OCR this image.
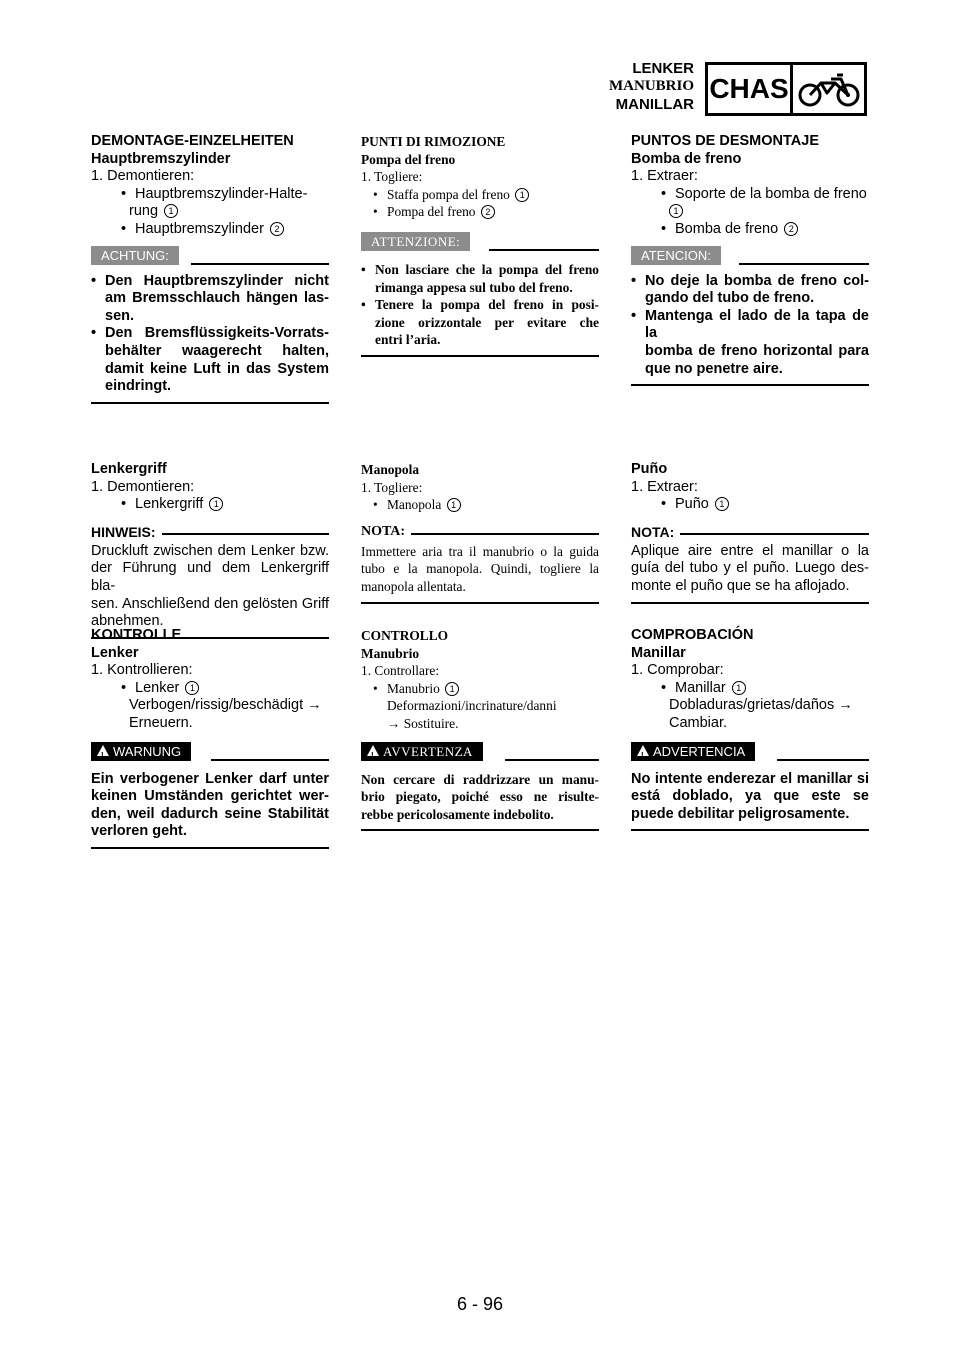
LENKER
MANUBRIO
MANILLAR
CHAS
DEMONTAGE-EINZELHEITEN
Hauptbremszylinder
1. Demontieren:
• Hauptbremszylinder-Halte-
rung 1
• Hauptbremszylinder 2
ACHTUNG:
• Den Hauptbremszylinder nicht
am Bremsschlauch hängen las-
sen.
• Den Bremsflüssigkeits-Vorrats-
behälter waagerecht halten,
damit keine Luft in das System
eindringt.
Lenkergriff
1. Demontieren:
• Lenkergriff 1
HINWEIS:
Druckluft zwischen dem Lenker bzw.
der Führung und dem Lenkergriff bla-
sen. Anschließend den gelösten Griff
abnehmen.
KONTROLLE
Lenker
1. Kontrollieren:
• Lenker 1
Verbogen/rissig/beschädigt →
Erneuern.
!
WARNUNG
Ein verbogener Lenker darf unter
keinen Umständen gerichtet wer-
den, weil dadurch seine Stabilität
verloren geht.
PUNTI DI RIMOZIONE
Pompa del freno
1. Togliere:
• Staffa pompa del freno 1
• Pompa del freno 2
ATTENZIONE:
• Non lasciare che la pompa del freno
rimanga appesa sul tubo del freno.
• Tenere la pompa del freno in posi-
zione orizzontale per evitare che
entri l’aria.
Manopola
1. Togliere:
• Manopola 1
NOTA:
Immettere aria tra il manubrio o la guida
tubo e la manopola. Quindi, togliere la
manopola allentata.
CONTROLLO
Manubrio
1. Controllare:
• Manubrio 1
Deformazioni/incrinature/danni
→ Sostituire.
!
AVVERTENZA
Non cercare di raddrizzare un manu-
brio piegato, poiché esso ne risulte-
rebbe pericolosamente indebolito.
PUNTOS DE DESMONTAJE
Bomba de freno
1. Extraer:
• Soporte de la bomba de freno
1
• Bomba de freno 2
ATENCION:
• No deje la bomba de freno col-
gando del tubo de freno.
• Mantenga el lado de la tapa de la
bomba de freno horizontal para
que no penetre aire.
Puño
1. Extraer:
• Puño 1
NOTA:
Aplique aire entre el manillar o la
guía del tubo y el puño. Luego des-
monte el puño que se ha aflojado.
COMPROBACIÓN
Manillar
1. Comprobar:
• Manillar 1
Dobladuras/grietas/daños →
Cambiar.
!
ADVERTENCIA
No intente enderezar el manillar si
está doblado, ya que este se
puede debilitar peligrosamente.
6 - 96
